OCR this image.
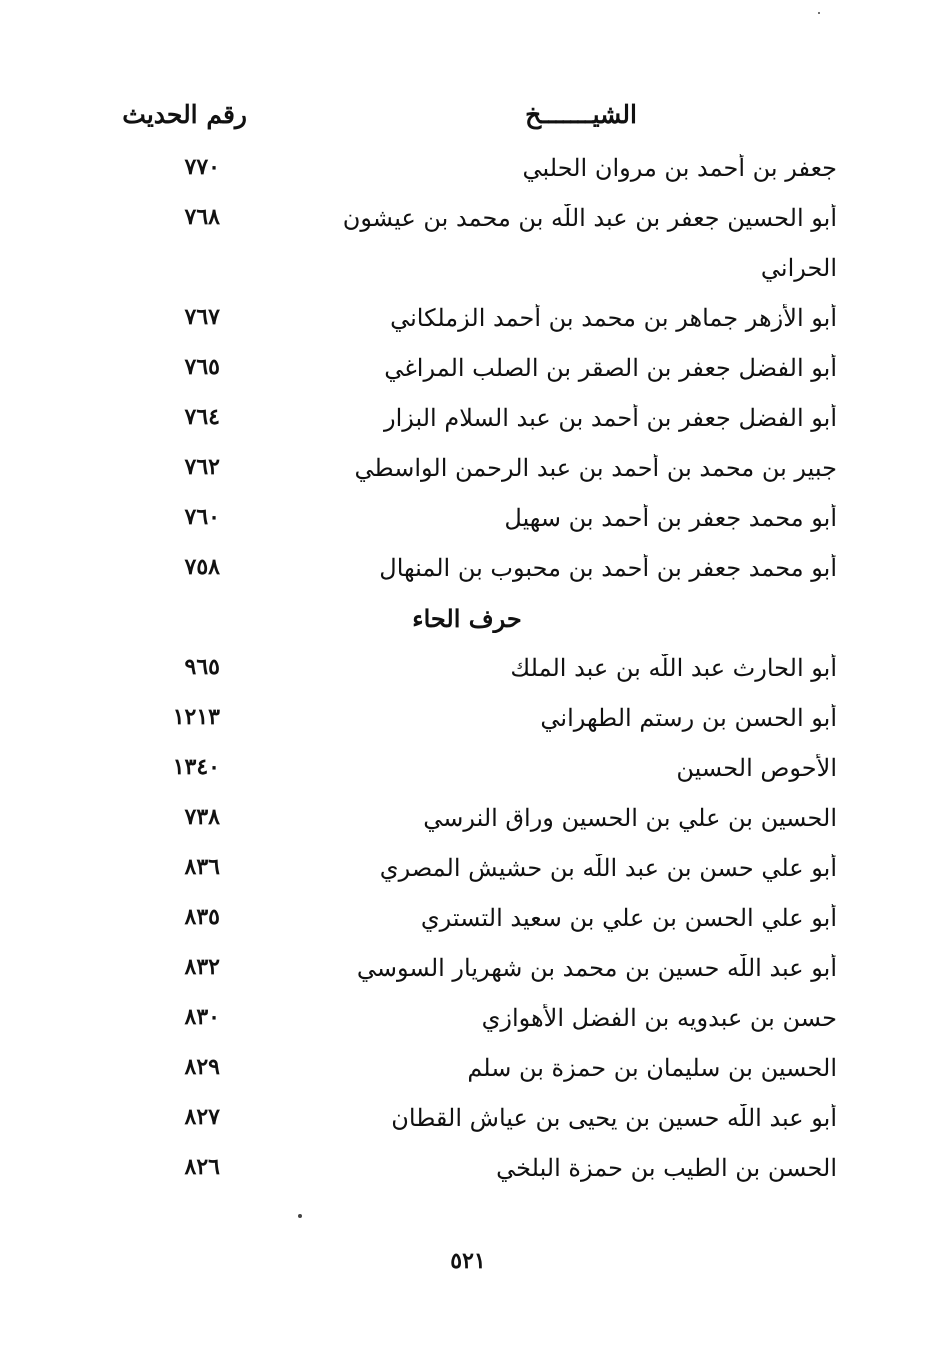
الشيـــــــخ
رقم الحديث
جعفر بن أحمد بن مروان الحلبي
٧٧٠
أبو الحسين جعفر بن عبد اللّٰه بن محمد بن عيشون
٧٦٨
الحراني
أبو الأزهر جماهر بن محمد بن أحمد الزملكاني
٧٦٧
أبو الفضل جعفر بن الصقر بن الصلب المراغي
٧٦٥
أبو الفضل جعفر بن أحمد بن عبد السلام البزار
٧٦٤
جبير بن محمد بن أحمد بن عبد الرحمن الواسطي
٧٦٢
أبو محمد جعفر بن أحمد بن سهيل
٧٦٠
أبو محمد جعفر بن أحمد بن محبوب بن المنهال
٧٥٨
حرف الحاء
أبو الحارث عبد اللّٰه بن عبد الملك
٩٦٥
أبو الحسن بن رستم الطهراني
١٢١٣
الأحوص الحسين
١٣٤٠
الحسين بن علي بن الحسين وراق النرسي
٧٣٨
أبو علي حسن بن عبد اللّٰه بن حشيش المصري
٨٣٦
أبو علي الحسن بن علي بن سعيد التستري
٨٣٥
أبو عبد اللّٰه حسين بن محمد بن شهريار السوسي
٨٣٢
حسن بن عبدويه بن الفضل الأهوازي
٨٣٠
الحسين بن سليمان بن حمزة بن سلم
٨٢٩
أبو عبد اللّٰه حسين بن يحيى بن عياش القطان
٨٢٧
الحسن بن الطيب بن حمزة البلخي
٨٢٦
٥٢١
